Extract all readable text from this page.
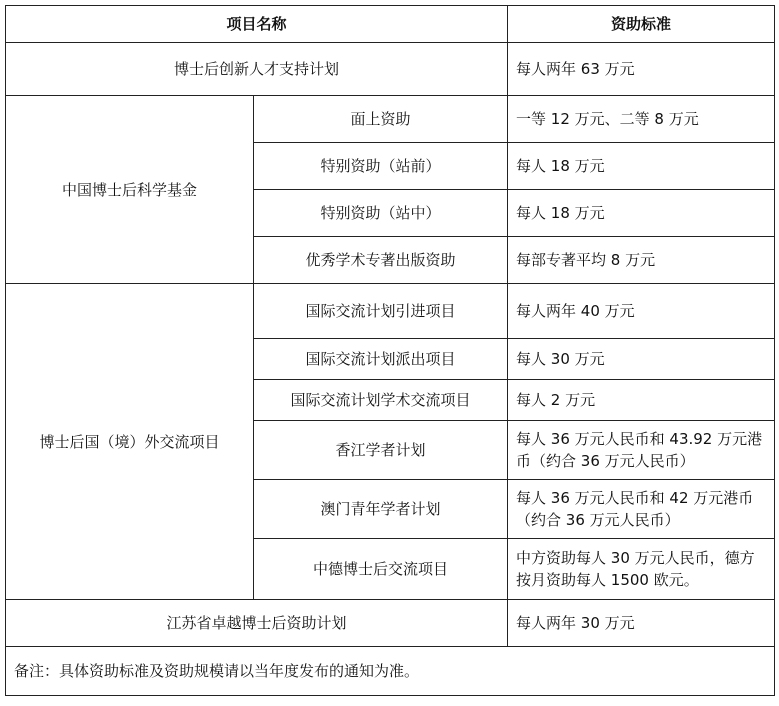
项目名称		资助标准
博士后创新人才支持计划		每人两年 63 万元
中国博士后科学基金	面上资助	一等 12 万元、二等 8 万元
	特别资助（站前）	每人 18 万元
	特别资助（站中）	每人 18 万元
	优秀学术专著出版资助	每部专著平均 8 万元
博士后国（境）外交流项目	国际交流计划引进项目	每人两年 40 万元
	国际交流计划派出项目	每人 30 万元
	国际交流计划学术交流项目	每人 2 万元
	香江学者计划	每人 36 万元人民币和 43.92 万元港币（约合 36 万元人民币）
	澳门青年学者计划	每人 36 万元人民币和 42 万元港币（约合 36 万元人民币）
	中德博士后交流项目	中方资助每人 30 万元人民币，德方按月资助每人 1500 欧元。
江苏省卓越博士后资助计划		每人两年 30 万元
备注：具体资助标准及资助规模请以当年度发布的通知为准。		
